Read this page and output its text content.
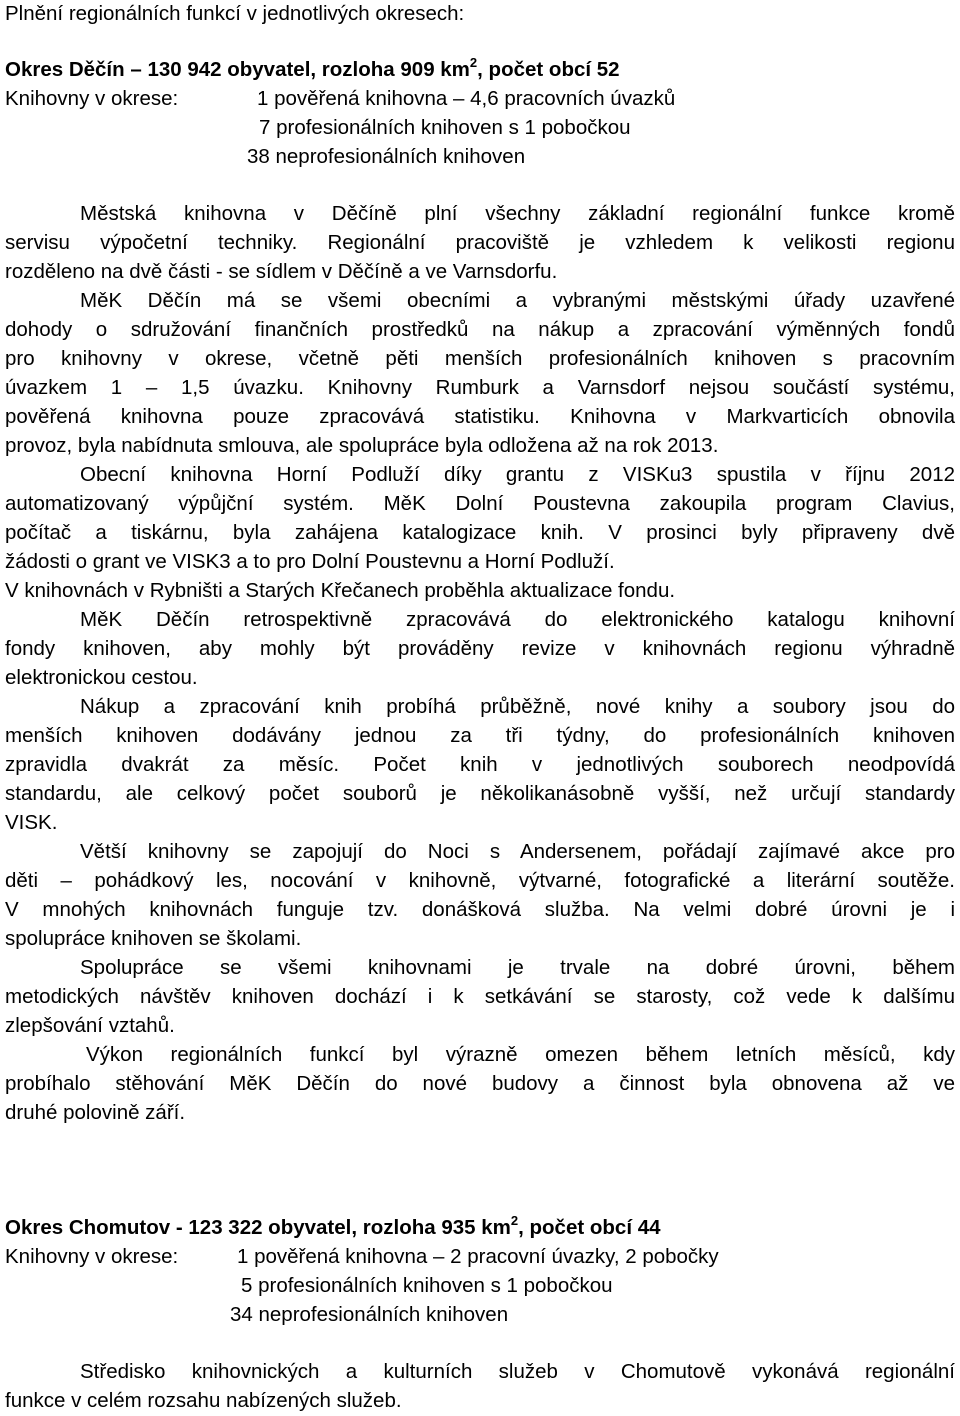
Plnění regionálních funkcí v jednotlivých okresech:
Okres Děčín – 130 942 obyvatel, rozloha 909 $km^2$, počet obcí 52
Knihovny v okrese:	1 pověřená knihovna – 4,6 pracovních úvazků
7 profesionálních knihoven s 1 pobočkou
38 neprofesionálních knihoven
Městská knihovna v Děčíně plní všechny základní regionální funkce kromě
servisu výpočetní techniky. Regionální pracoviště je vzhledem k velikosti regionu
rozděleno na dvě části - se sídlem v Děčíně a ve Varnsdorfu.
MěK Děčín má se všemi obecními a vybranými městskými úřady uzavřené
dohody o sdružování finančních prostředků na nákup a zpracování výměnných fondů
pro knihovny v okrese, včetně pěti menších profesionálních knihoven s pracovním
úvazkem 1 – 1,5 úvazku. Knihovny Rumburk a Varnsdorf nejsou součástí systému,
pověřená knihovna pouze zpracovává statistiku. Knihovna v Markvarticích obnovila
provoz, byla nabídnuta smlouva, ale spolupráce byla odložena až na rok 2013.
Obecní knihovna Horní Podluží díky grantu z VISKu3 spustila v říjnu 2012
automatizovaný výpůjční systém. MěK Dolní Poustevna zakoupila program Clavius,
počítač a tiskárnu, byla zahájena katalogizace knih. V prosinci byly připraveny dvě
žádosti o grant ve VISK3 a to pro Dolní Poustevnu a Horní Podluží.
V knihovnách v Rybništi a Starých Křečanech proběhla aktualizace fondu.
MěK Děčín retrospektivně zpracovává do elektronického katalogu knihovní
fondy knihoven, aby mohly být prováděny revize v knihovnách regionu výhradně
elektronickou cestou.
Nákup a zpracování knih probíhá průběžně, nové knihy a soubory jsou do
menších knihoven dodávány jednou za tři týdny, do profesionálních knihoven
zpravidla dvakrát za měsíc. Počet knih v jednotlivých souborech neodpovídá
standardu, ale celkový počet souborů je několikanásobně vyšší, než určují standardy
VISK.
Větší knihovny se zapojují do Noci s Andersenem, pořádají zajímavé akce pro
děti – pohádkový les, nocování v knihovně, výtvarné, fotografické a literární soutěže.
V mnohých knihovnách funguje tzv. donášková služba. Na velmi dobré úrovni je i
spolupráce knihoven se školami.
Spolupráce se všemi knihovnami je trvale na dobré úrovni, během
metodických návštěv knihoven dochází i k setkávání se starosty, což vede k dalšímu
zlepšování vztahů.
Výkon regionálních funkcí byl výrazně omezen během letních měsíců, kdy
probíhalo stěhování MěK Děčín do nové budovy a činnost byla obnovena až ve
druhé polovině září.
Okres Chomutov - 123 322 obyvatel, rozloha 935 $km^2$, počet obcí 44
Knihovny v okrese:	1 pověřená knihovna – 2 pracovní úvazky, 2 pobočky
5 profesionálních knihoven s 1 pobočkou
34 neprofesionálních knihoven
Středisko knihovnických a kulturních služeb v Chomutově vykonává regionální
funkce v celém rozsahu nabízených služeb.
